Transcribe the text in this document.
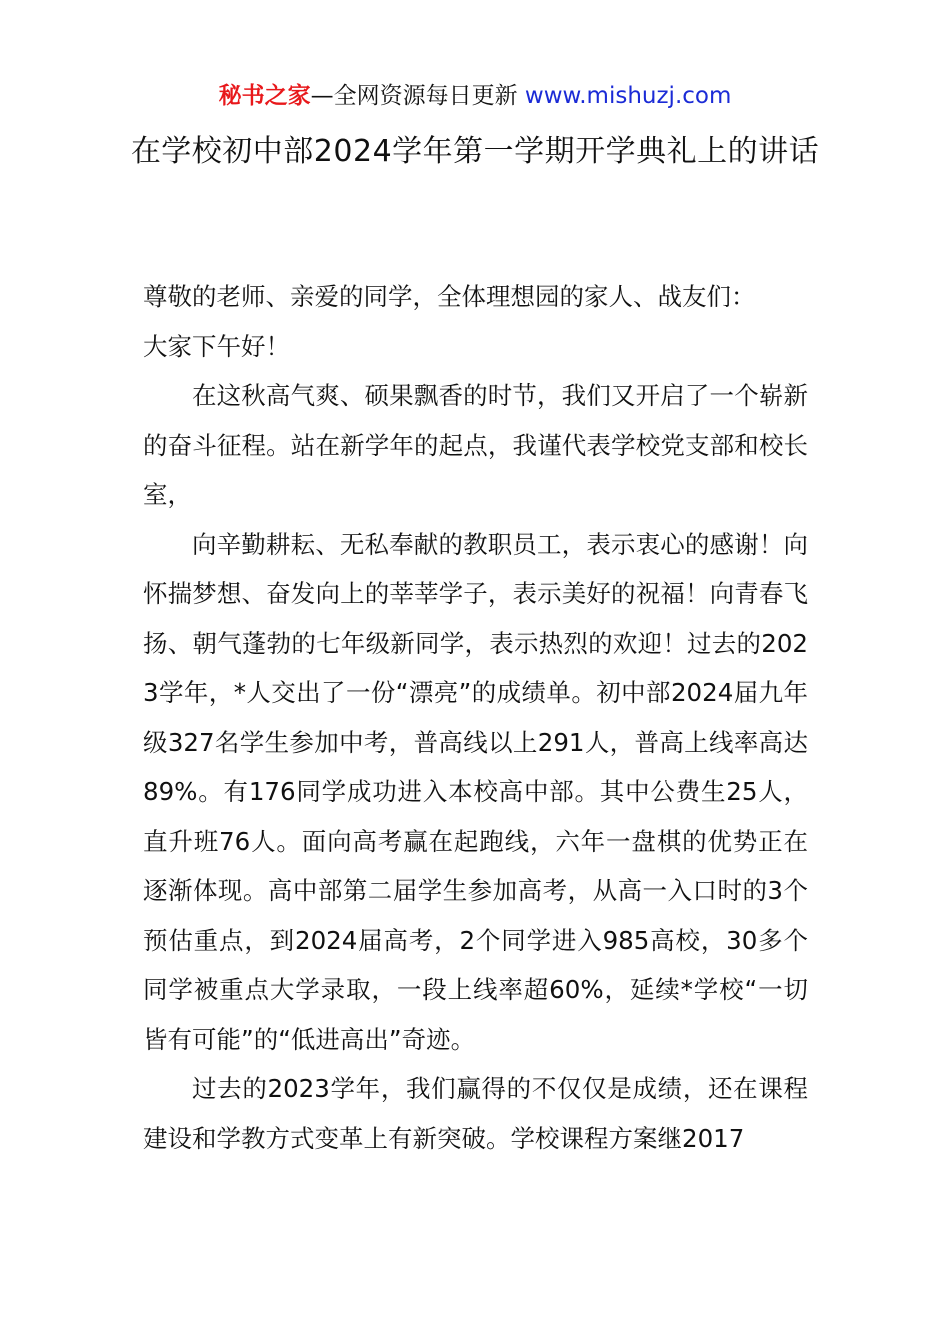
秘书之家—全网资源每日更新 www.mishuzj.com
在学校初中部2024学年第一学期开学典礼上的讲话

尊敬的老师、亲爱的同学，全体理想园的家人、战友们：

大家下午好！

在这秋高气爽、硕果飘香的时节，我们又开启了一个崭新的奋斗征程。站在新学年的起点，我谨代表学校党支部和校长室，

向辛勤耕耘、无私奉献的教职员工，表示衷心的感谢！向怀揣梦想、奋发向上的莘莘学子，表示美好的祝福！向青春飞扬、朝气蓬勃的七年级新同学，表示热烈的欢迎！过去的2023学年，*人交出了一份“漂亮”的成绩单。初中部2024届九年级327名学生参加中考，普高线以上291人，普高上线率高达89%。有176同学成功进入本校高中部。其中公费生25人，直升班76人。面向高考赢在起跑线，六年一盘棋的优势正在逐渐体现。高中部第二届学生参加高考，从高一入口时的3个预估重点，到2024届高考，2个同学进入985高校，30多个同学被重点大学录取，一段上线率超60%，延续*学校“一切皆有可能”的“低进高出”奇迹。

过去的2023学年，我们赢得的不仅仅是成绩，还在课程建设和学教方式变革上有新突破。学校课程方案继2017
